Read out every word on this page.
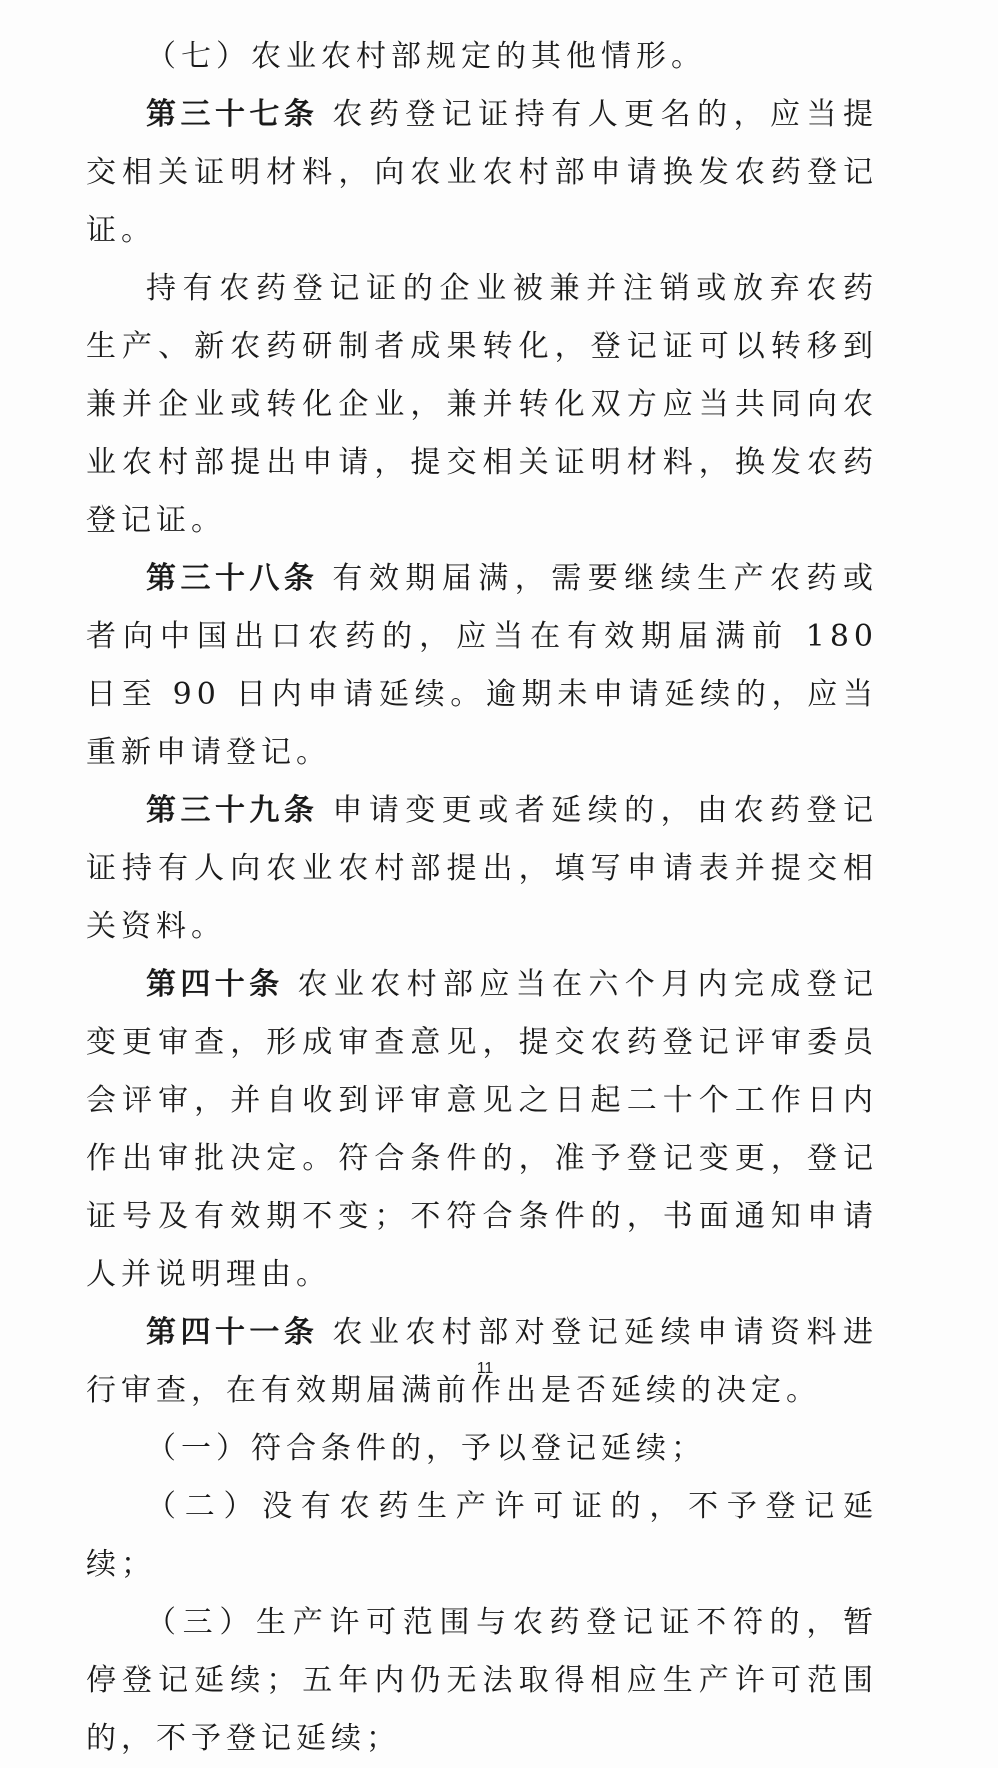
（七）农业农村部规定的其他情形。

第三十七条 农药登记证持有人更名的，应当提交相关证明材料，向农业农村部申请换发农药登记证。

持有农药登记证的企业被兼并注销或放弃农药生产、新农药研制者成果转化，登记证可以转移到兼并企业或转化企业，兼并转化双方应当共同向农业农村部提出申请，提交相关证明材料，换发农药登记证。

第三十八条 有效期届满，需要继续生产农药或者向中国出口农药的，应当在有效期届满前 180 日至 90 日内申请延续。逾期未申请延续的，应当重新申请登记。

第三十九条 申请变更或者延续的，由农药登记证持有人向农业农村部提出，填写申请表并提交相关资料。

第四十条 农业农村部应当在六个月内完成登记变更审查，形成审查意见，提交农药登记评审委员会评审，并自收到评审意见之日起二十个工作日内作出审批决定。符合条件的，准予登记变更，登记证号及有效期不变；不符合条件的，书面通知申请人并说明理由。

第四十一条 农业农村部对登记延续申请资料进行审查，在有效期届满前作出是否延续的决定。

（一）符合条件的，予以登记延续；

（二）没有农药生产许可证的，不予登记延续；

（三）生产许可范围与农药登记证不符的，暂停登记延续；五年内仍无法取得相应生产许可范围的，不予登记延续；

11
